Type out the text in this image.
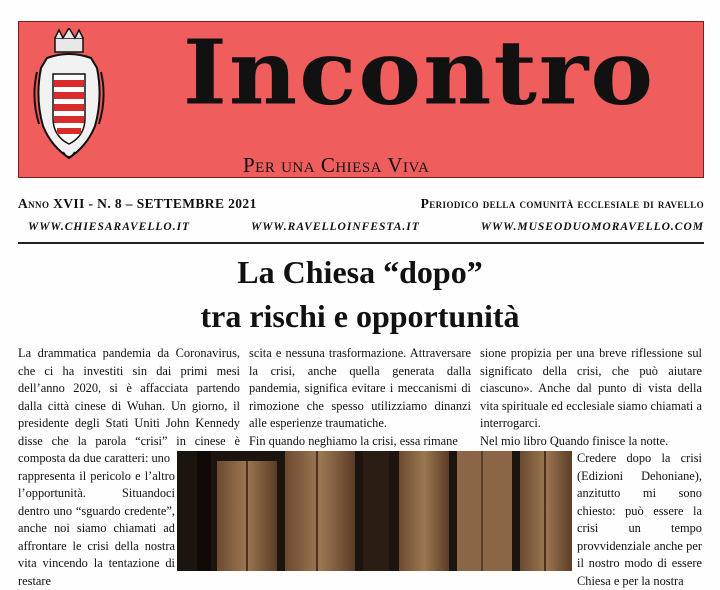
Incontro
Per una Chiesa Viva
Anno XVII - N. 8 – SETTEMBRE 2021	Periodico della comunità ecclesiale di ravello
WWW.CHIESARAVELLO.IT	WWW.RAVELLOINFESTA.IT	WWW.MUSEODUOMORAVELLO.COM
La Chiesa “dopo”
tra rischi e opportunità

La drammatica pandemia da Coronavirus, che ci ha investiti sin dai primi mesi dell’anno 2020, si è affacciata partendo dalla città cinese di Wuhan. Un giorno, il presidente degli Stati Uniti John Kennedy disse che la parola “crisi” in cinese è composta da due caratteri: uno

rappresenta il pericolo e l’altro l’opportunità. Situandoci dentro uno “sguardo credente”, anche noi siamo chiamati ad affrontare le crisi della nostra vita vincendo la tentazione di restare

scita e nessuna trasformazione. Attraversare la crisi, anche quella generata dalla pandemia, significa evitare i meccanismi di rimozione che spesso utilizziamo dinanzi alle esperienze traumatiche.

Fin quando neghiamo la crisi, essa rimane

sione propizia per una breve riflessione sul significato della crisi, che può aiutare ciascuno». Anche dal punto di vista della vita spirituale ed ecclesiale siamo chiamati a interrogarci.

Nel mio libro Quando finisce la notte.

Credere dopo la crisi (Edizioni Dehoniane), anzitutto mi sono chiesto: può essere la crisi un tempo provvidenziale anche per il nostro modo di essere Chiesa e per la nostra
